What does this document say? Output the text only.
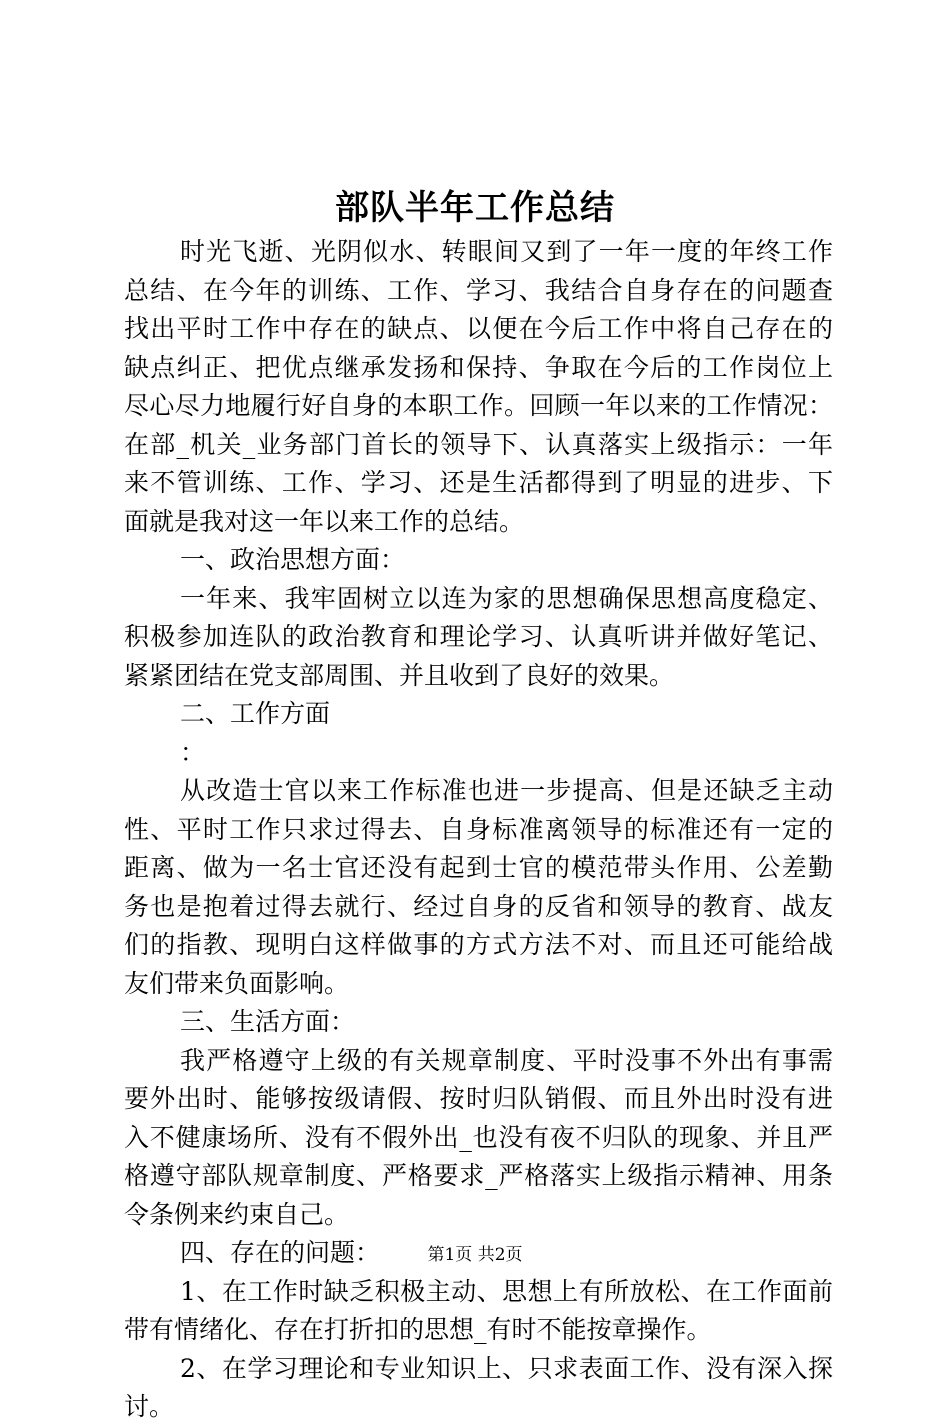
部队半年工作总结
时光飞逝、光阴似水、转眼间又到了一年一度的年终工作
总结、在今年的训练、工作、学习、我结合自身存在的问题查
找出平时工作中存在的缺点、以便在今后工作中将自己存在的
缺点纠正、把优点继承发扬和保持、争取在今后的工作岗位上
尽心尽力地履行好自身的本职工作。回顾一年以来的工作情况：
在部_机关_业务部门首长的领导下、认真落实上级指示：一年
来不管训练、工作、学习、还是生活都得到了明显的进步、下
面就是我对这一年以来工作的总结。
一、政治思想方面：
一年来、我牢固树立以连为家的思想确保思想高度稳定、
积极参加连队的政治教育和理论学习、认真听讲并做好笔记、
紧紧团结在党支部周围、并且收到了良好的效果。
二、工作方面
：
从改造士官以来工作标准也进一步提高、但是还缺乏主动
性、平时工作只求过得去、自身标准离领导的标准还有一定的
距离、做为一名士官还没有起到士官的模范带头作用、公差勤
务也是抱着过得去就行、经过自身的反省和领导的教育、战友
们的指教、现明白这样做事的方式方法不对、而且还可能给战
友们带来负面影响。
三、生活方面：
我严格遵守上级的有关规章制度、平时没事不外出有事需
要外出时、能够按级请假、按时归队销假、而且外出时没有进
入不健康场所、没有不假外出_也没有夜不归队的现象、并且严
格遵守部队规章制度、严格要求_严格落实上级指示精神、用条
令条例来约束自己。
四、存在的问题：
1、在工作时缺乏积极主动、思想上有所放松、在工作面前
带有情绪化、存在打折扣的思想_有时不能按章操作。
2、在学习理论和专业知识上、只求表面工作、没有深入探
讨。
第1页 共2页
